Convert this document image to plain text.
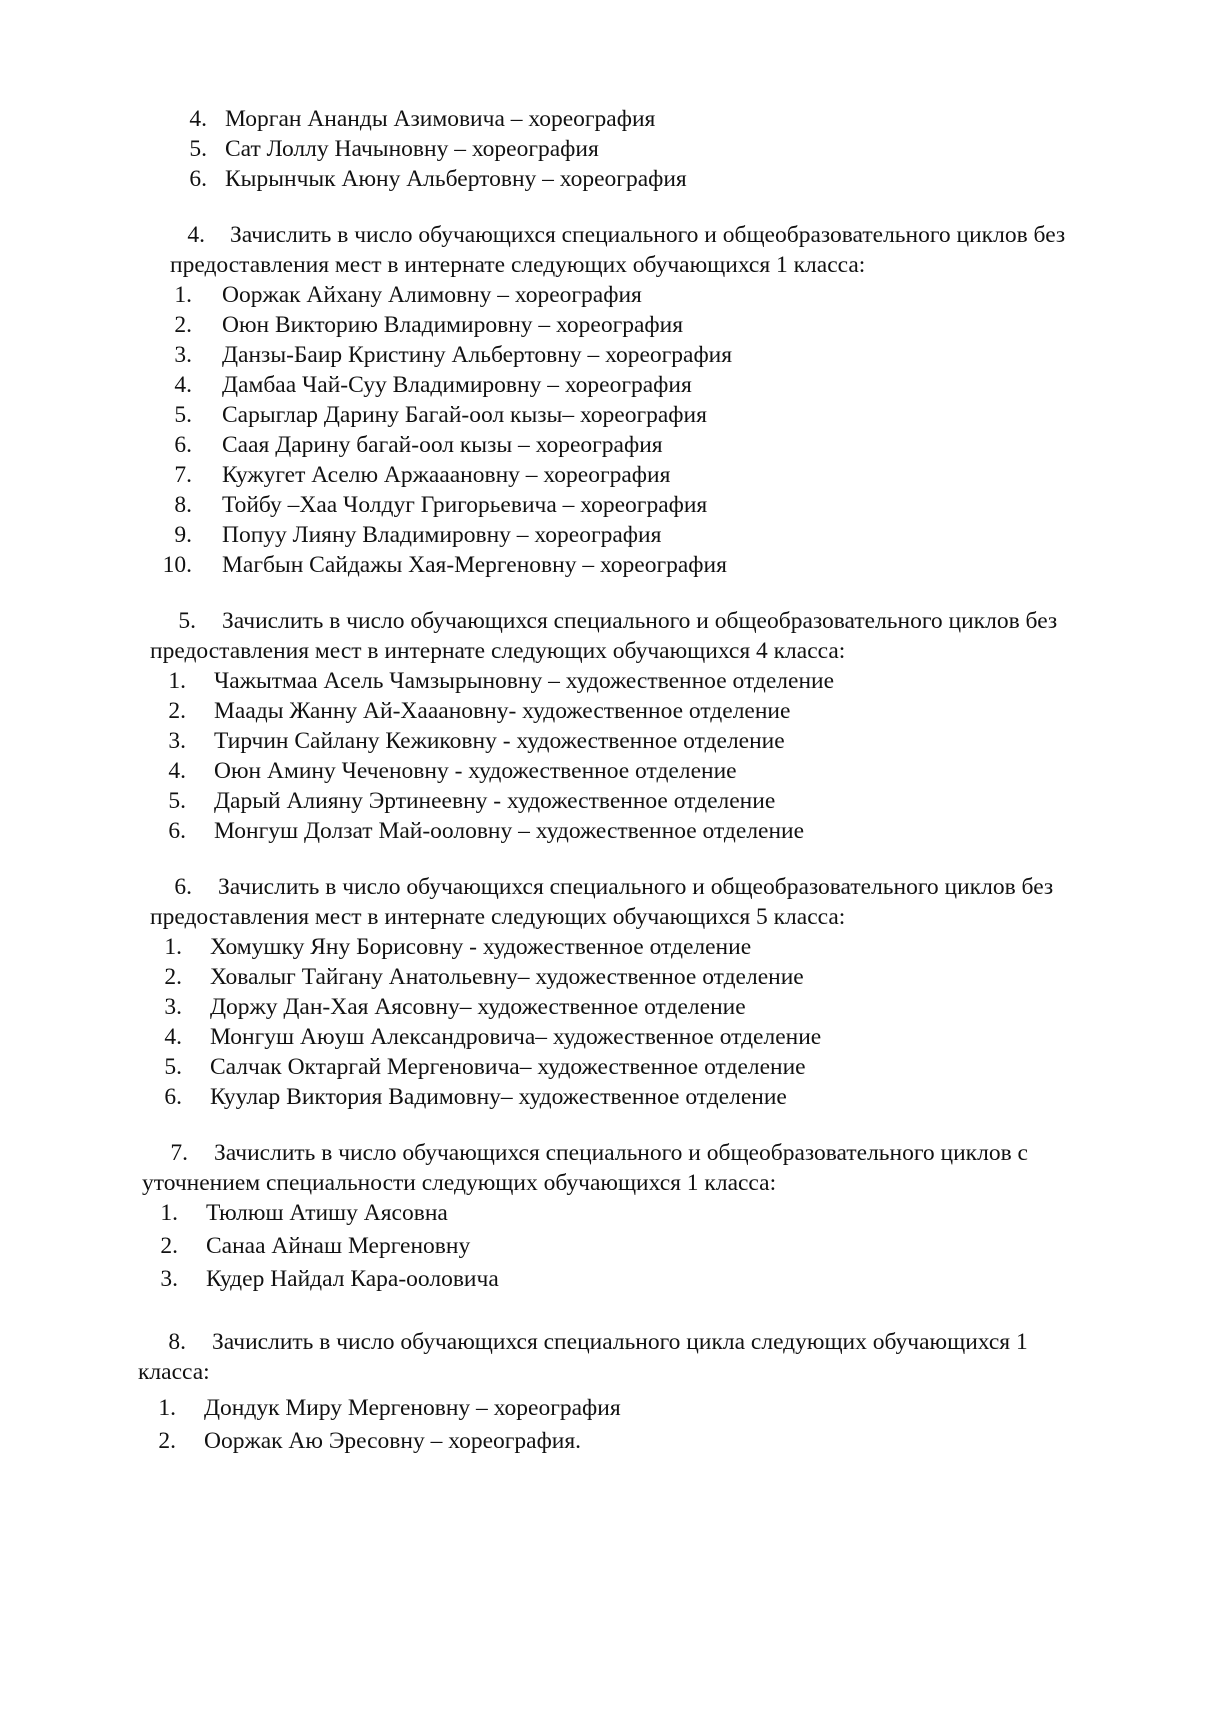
4. Морган Ананды Азимовича – хореография
5. Сат Лоллу Начыновну – хореография
6. Кырынчык Аюну Альбертовну – хореография
4. Зачислить в число обучающихся специального и общеобразовательного циклов без
предоставления мест в интернате следующих обучающихся 1 класса:
1. Ооржак Айхану Алимовну – хореография
2. Оюн Викторию Владимировну – хореография
3. Данзы-Баир Кристину Альбертовну – хореография
4. Дамбаа Чай-Суу Владимировну – хореография
5. Сарыглар Дарину Багай-оол кызы– хореография
6. Саая Дарину багай-оол кызы – хореография
7. Кужугет Аселю Аржааановну – хореография
8. Тойбу –Хаа Чолдуг Григорьевича – хореография
9. Попуу Лияну Владимировну – хореография
10. Магбын Сайдажы Хая-Мергеновну – хореография
5. Зачислить в число обучающихся специального и общеобразовательного циклов без
предоставления мест в интернате следующих обучающихся 4 класса:
1. Чажытмаа Асель Чамзырыновну – художественное отделение
2. Маады Жанну Ай-Хааановну- художественное отделение
3. Тирчин Сайлану Кежиковну - художественное отделение
4. Оюн Амину Чеченовну - художественное отделение
5. Дарый Алияну Эртинеевну - художественное отделение
6. Монгуш Долзат Май-ооловну – художественное отделение
6. Зачислить в число обучающихся специального и общеобразовательного циклов без
предоставления мест в интернате следующих обучающихся 5 класса:
1. Хомушку Яну Борисовну - художественное отделение
2. Ховалыг Тайгану Анатольевну– художественное отделение
3. Доржу Дан-Хая Аясовну– художественное отделение
4. Монгуш Аюуш Александровича– художественное отделение
5. Салчак Октаргай Мергеновича– художественное отделение
6. Куулар Виктория Вадимовну– художественное отделение
7. Зачислить в число обучающихся специального и общеобразовательного циклов с
уточнением специальности следующих обучающихся 1 класса:
1. Тюлюш Атишу Аясовна
2. Санаа Айнаш Мергеновну
3. Кудер Найдал Кара-ооловича
8. Зачислить в число обучающихся специального цикла следующих обучающихся 1
класса:
1. Дондук Миру Мергеновну – хореография
2. Ооржак Аю Эресовну – хореография.
